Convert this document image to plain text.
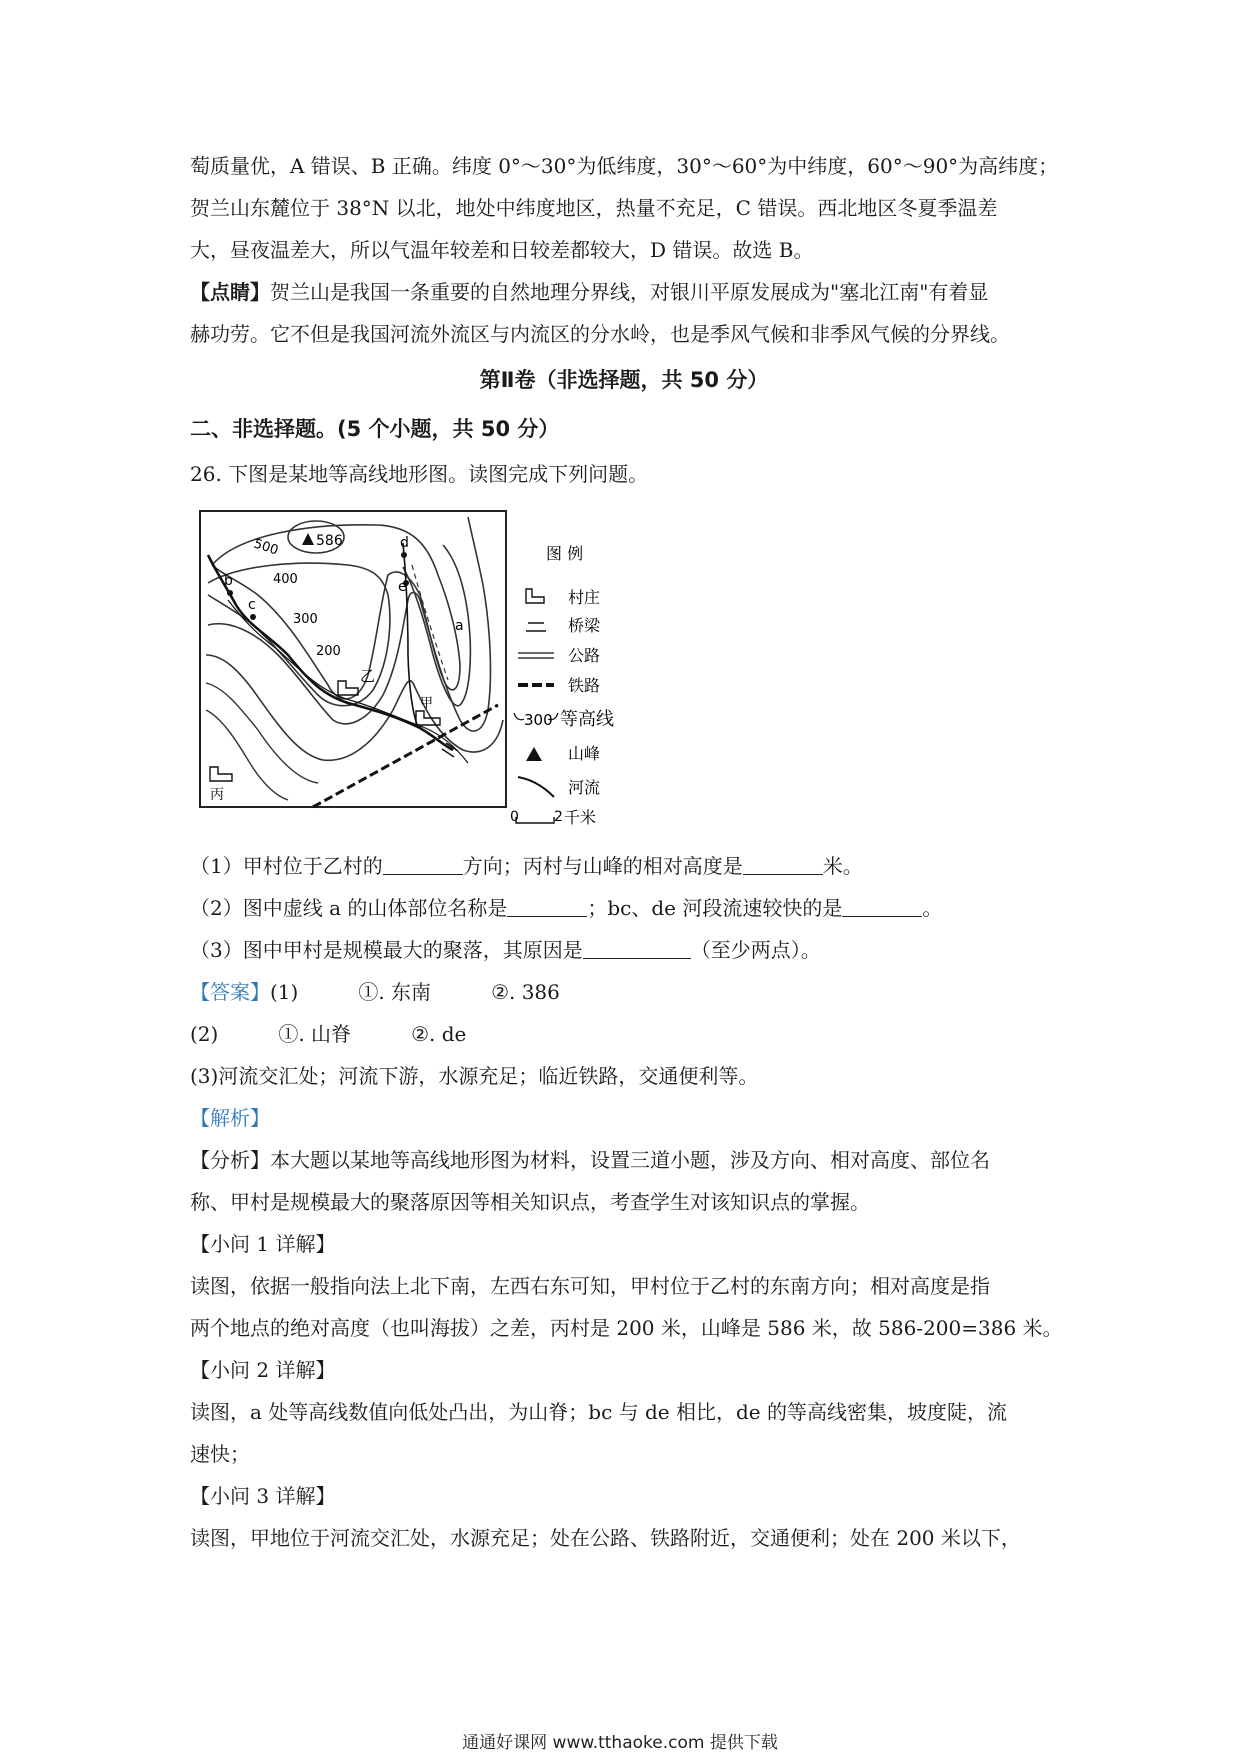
萄质量优，A 错误、B 正确。纬度 0°～30°为低纬度，30°～60°为中纬度，60°～90°为高纬度；

贺兰山东麓位于 38°N 以北，地处中纬度地区，热量不充足，C 错误。西北地区冬夏季温差

大，昼夜温差大，所以气温年较差和日较差都较大，D 错误。故选 B。

【点睛】贺兰山是我国一条重要的自然地理分界线，对银川平原发展成为"塞北江南"有着显

赫功劳。它不但是我国河流外流区与内流区的分水岭，也是季风气候和非季风气候的分界线。

第Ⅱ卷（非选择题，共 50 分）

二、非选择题。(5 个小题，共 50 分）

26. 下图是某地等高线地形图。读图完成下列问题。

586
500
400
300
200
b
c
d
e
a
乙
甲
丙
图 例
村庄
桥梁
公路
铁路
300 等高线
山峰
河流
0	2 千米

（1）甲村位于乙村的	方向；丙村与山峰的相对高度是	米。

（2）图中虚线 a 的山体部位名称是	；bc、de 河段流速较快的是	。

（3）图中甲村是规模最大的聚落，其原因是	（至少两点）。

【答案】(1)	①. 东南	②. 386

(2)	①. 山脊	②. de

(3)河流交汇处；河流下游，水源充足；临近铁路，交通便利等。

【解析】

【分析】本大题以某地等高线地形图为材料，设置三道小题，涉及方向、相对高度、部位名

称、甲村是规模最大的聚落原因等相关知识点，考查学生对该知识点的掌握。

【小问 1 详解】

读图，依据一般指向法上北下南，左西右东可知，甲村位于乙村的东南方向；相对高度是指

两个地点的绝对高度（也叫海拔）之差，丙村是 200 米，山峰是 586 米，故 586-200=386 米。

【小问 2 详解】

读图，a 处等高线数值向低处凸出，为山脊；bc 与 de 相比，de 的等高线密集，坡度陡，流

速快；

【小问 3 详解】

读图，甲地位于河流交汇处，水源充足；处在公路、铁路附近，交通便利；处在 200 米以下，

通通好课网 www.tthaoke.com 提供下载
